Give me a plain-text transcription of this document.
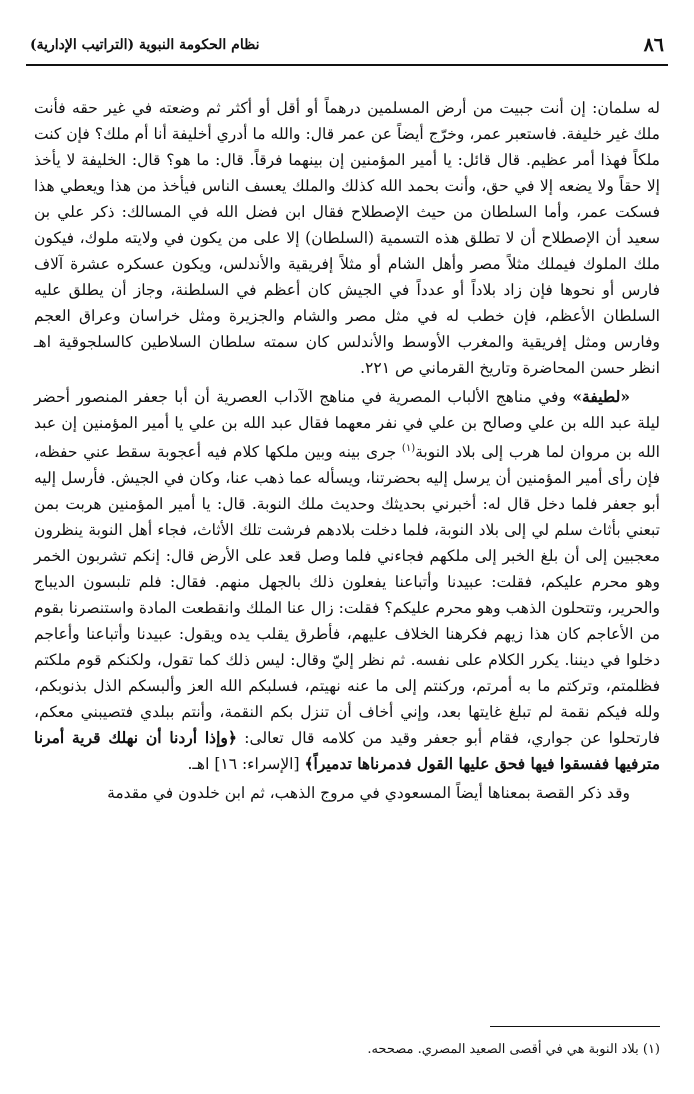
٨٦
نظام الحكومة النبوية (التراتيب الإدارية)

له سلمان: إن أنت جبيت من أرض المسلمين درهماً أو أقل أو أكثر ثم وضعته في غير حقه فأنت ملك غير خليفة. فاستعبر عمر، وخرّج أيضاً عن عمر قال: والله ما أدري أخليفة أنا أم ملك؟ فإن كنت ملكاً فهذا أمر عظيم. قال قائل: يا أمير المؤمنين إن بينهما فرقاً. قال: ما هو؟ قال: الخليفة لا يأخذ إلا حقاً ولا يضعه إلا في حق، وأنت بحمد الله كذلك والملك يعسف الناس فيأخذ من هذا ويعطي هذا فسكت عمر، وأما السلطان من حيث الإصطلاح فقال ابن فضل الله في المسالك: ذكر علي بن سعيد أن الإصطلاح أن لا تطلق هذه التسمية (السلطان) إلا على من يكون في ولايته ملوك، فيكون ملك الملوك فيملك مثلاً مصر وأهل الشام أو مثلاً إفريقية والأندلس، ويكون عسكره عشرة آلاف فارس أو نحوها فإن زاد بلاداً أو عدداً في الجيش كان أعظم في السلطنة، وجاز أن يطلق عليه السلطان الأعظم، فإن خطب له في مثل مصر والشام والجزيرة ومثل خراسان وعراق العجم وفارس ومثل إفريقية والمغرب الأوسط والأندلس كان سمته سلطان السلاطين كالسلجوقية اهـ انظر حسن المحاضرة وتاريخ القرماني ص ٢٢١.

«لطيفة» وفي مناهج الألباب المصرية في مناهج الآداب العصرية أن أبا جعفر المنصور أحضر ليلة عبد الله بن علي وصالح بن علي في نفر معهما فقال عبد الله بن علي يا أمير المؤمنين إن عبد الله بن مروان لما هرب إلى بلاد النوبة$^{(١)}$ جرى بينه وبين ملكها كلام فيه أعجوبة سقط عني حفظه، فإن رأى أمير المؤمنين أن يرسل إليه بحضرتنا، ويسأله عما ذهب عنا، وكان في الجيش. فأرسل إليه أبو جعفر فلما دخل قال له: أخبرني بحديثك وحديث ملك النوبة. قال: يا أمير المؤمنين هربت بمن تبعني بأثاث سلم لي إلى بلاد النوبة، فلما دخلت بلادهم فرشت تلك الأثاث، فجاء أهل النوبة ينظرون معجبين إلى أن بلغ الخبر إلى ملكهم فجاءني فلما وصل قعد على الأرض قال: إنكم تشربون الخمر وهو محرم عليكم، فقلت: عبيدنا وأتباعنا يفعلون ذلك بالجهل منهم. فقال: فلم تلبسون الديباج والحرير، وتتحلون الذهب وهو محرم عليكم؟ فقلت: زال عنا الملك وانقطعت المادة واستنصرنا بقوم من الأعاجم كان هذا زيهم فكرهنا الخلاف عليهم، فأطرق يقلب يده ويقول: عبيدنا وأتباعنا وأعاجم دخلوا في ديننا. يكرر الكلام على نفسه. ثم نظر إليّ وقال: ليس ذلك كما تقول، ولكنكم قوم ملكتم فظلمتم، وتركتم ما به أمرتم، وركنتم إلى ما عنه نهيتم، فسلبكم الله العز وألبسكم الذل بذنوبكم، ولله فيكم نقمة لم تبلغ غايتها بعد، وإني أخاف أن تنزل بكم النقمة، وأنتم ببلدي فتصيبني معكم، فارتحلوا عن جواري، فقام أبو جعفر وقيد من كلامه قال تعالى: ﴿وإذا أردنا أن نهلك قرية أمرنا مترفيها ففسقوا فيها فحق عليها القول فدمرناها تدميراً﴾ [الإسراء: ١٦] اهـ.

وقد ذكر القصة بمعناها أيضاً المسعودي في مروج الذهب، ثم ابن خلدون في مقدمة

(١) بلاد النوبة هي في أقصى الصعيد المصري. مصححه.
